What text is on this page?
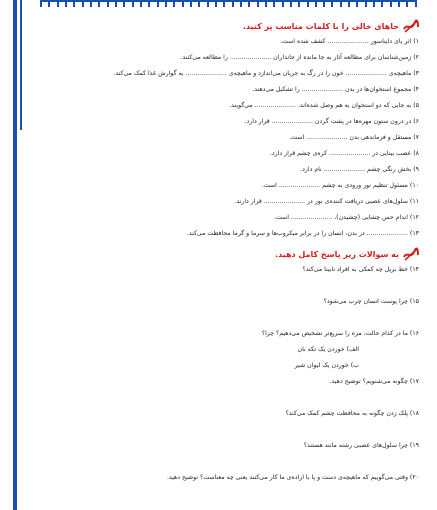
جاهای خالی را با کلمات مناسب پر کنید.
۱) اثر پای دایناسور ..................... کشف شده است.
۲) زمین‌شناسان برای مطالعه آثار به جا مانده از جانداران ..................... را مطالعه می‌کنند.
۳) ماهیچه‌ی ..................... خون را در رگ به جریان می‌اندازد و ماهیچه‌ی ..................... به گوارش غذا کمک می‌کند.
۴) مجموع استخوان‌ها در بدن ..................... را تشکیل می‌دهند.
۵) به جایی که دو استخوان به هم وصل شده‌اند، ..................... می‌گویند.
۶) در درون ستون مهره‌ها در پشت گردن ..................... قرار دارد.
۷) مستقل و فرماندهی بدن ..................... است.
۸) عصب بینایی در ..................... کره‌ی چشم قرار دارد.
۹) بخش رنگی چشم ..................... نام دارد.
۱۰) مسئول تنظیم نور ورودی به چشم ..................... است.
۱۱) سلول‌های عصبی دریافت کننده‌ی نور در ..................... قرار دارند.
۱۲) اندام حس چشایی (چشیدن)، ..................... است.
۱۳) ..................... در بدن، انسان را در برابر میکروب‌ها و سرما و گرما محافظت می‌کند.
به سوالات زیر پاسخ کامل دهید.
۱۴) خط بریل چه کمکی به افراد نابینا می‌کند؟
۱۵) چرا پوست انسان چرب می‌شود؟
۱۶) ما در کدام حالت، مزه را سریع‌تر تشخیص می‌دهیم؟ چرا؟
الف) خوردن یک تکه نان
ب) خوردن یک لیوان شیر
۱۷) چگونه می‌شنویم؟ توضیح دهید.
۱۸) پلک زدن چگونه به محافظت چشم کمک می‌کند؟
۱۹) چرا سلول‌های عصبی رشته مانند هستند؟
۲۰) وقتی می‌گوییم که ماهیچه‌ی دست و پا با اراده‌ی ما کار می‌کنند یعنی چه معناست؟ توضیح دهید.
